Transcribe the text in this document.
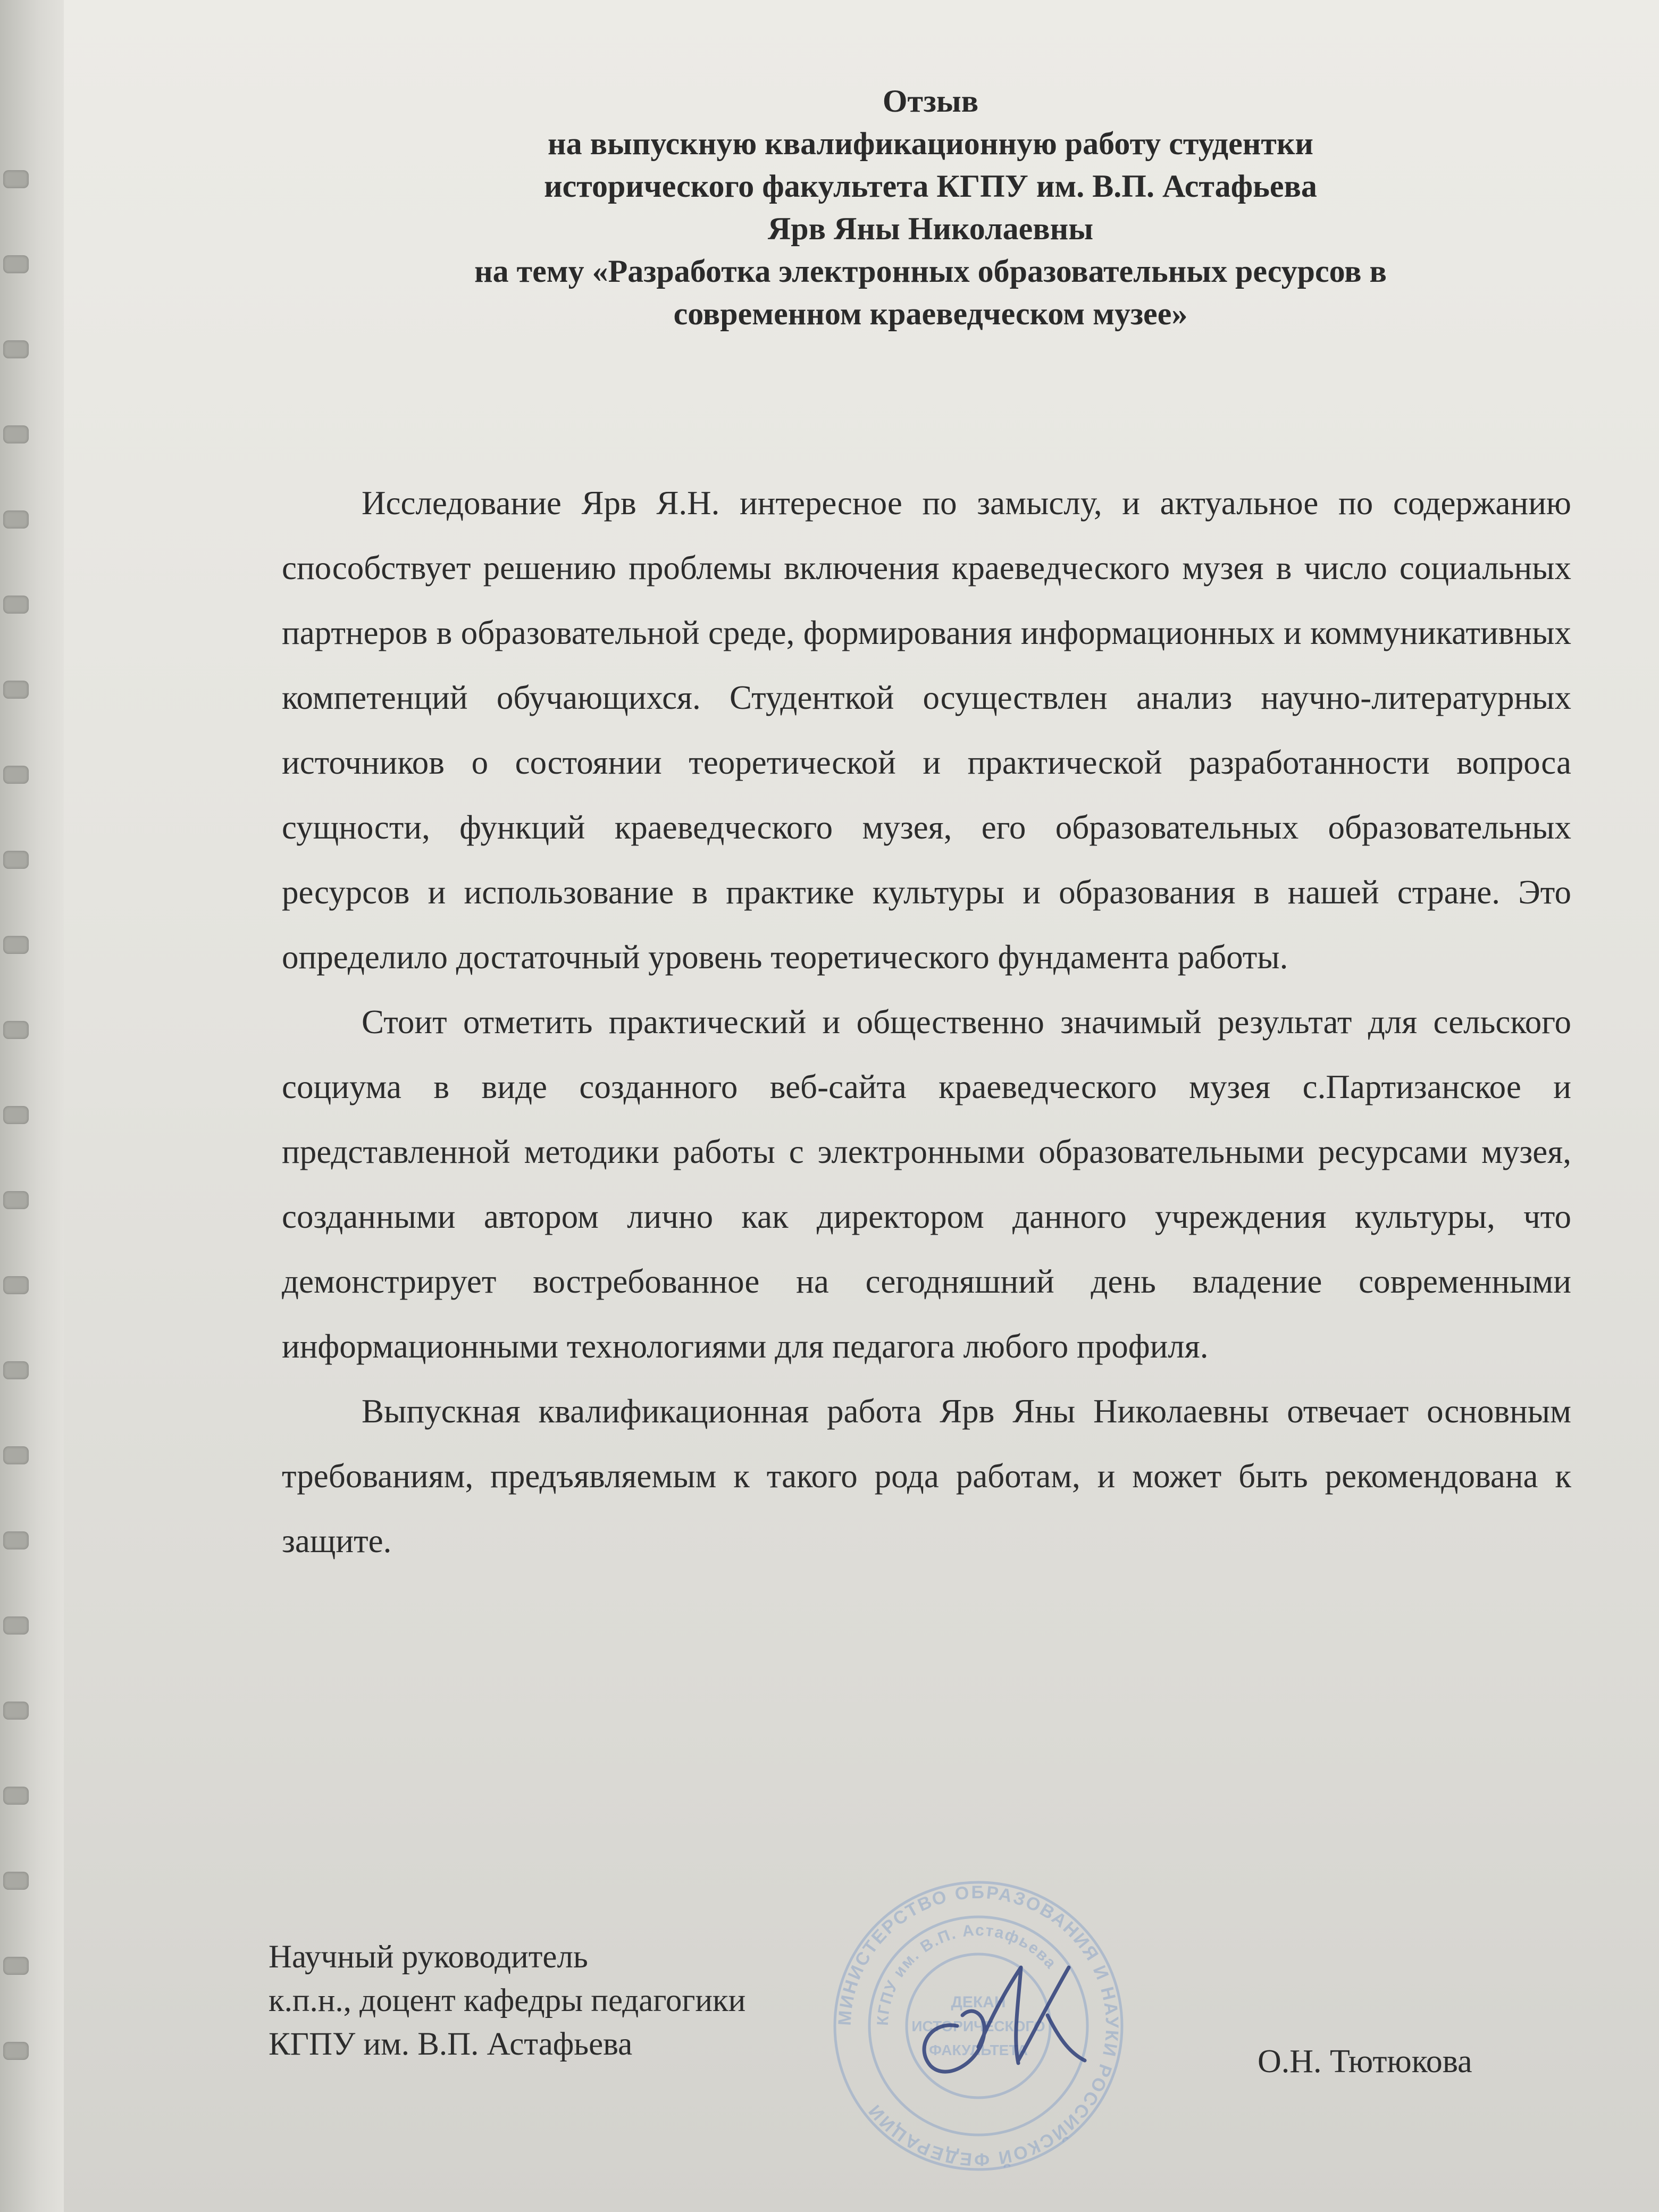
Отзыв
на выпускную квалификационную работу студентки
исторического факультета КГПУ им. В.П. Астафьева
Ярв Яны Николаевны
на тему «Разработка электронных образовательных ресурсов в
современном краеведческом музее»

Исследование Ярв Я.Н. интересное по замыслу, и актуальное по содержанию способствует решению проблемы включения краеведческого музея в число социальных партнеров в образовательной среде, формирования информационных и коммуникативных компетенций обучающихся. Студенткой осуществлен анализ научно-литературных источников о состоянии теоретической и практической разработанности вопроса сущности, функций краеведческого музея, его образовательных образовательных ресурсов и использование в практике культуры и образования в нашей стране. Это определило достаточный уровень теоретического фундамента работы.

Стоит отметить практический и общественно значимый результат для сельского социума в виде созданного веб-сайта краеведческого музея с.Партизанское и представленной методики работы с электронными образовательными ресурсами музея, созданными автором лично как директором данного учреждения культуры, что демонстрирует востребованное на сегодняшний день владение современными информационными технологиями для педагога любого профиля.

Выпускная квалификационная работа Ярв Яны Николаевны отвечает основным требованиям, предъявляемым к такого рода работам, и может быть рекомендована к защите.

МИНИСТЕРСТВО ОБРАЗОВАНИЯ И НАУКИ РОССИЙСКОЙ ФЕДЕРАЦИИ
КГПУ им. В.П. Астафьева
ДЕКАН
ИСТОРИЧЕСКОГО
ФАКУЛЬТЕТА
Научный руководитель
к.п.н., доцент кафедры педагогики
КГПУ им. В.П. Астафьева	О.Н. Тютюкова
